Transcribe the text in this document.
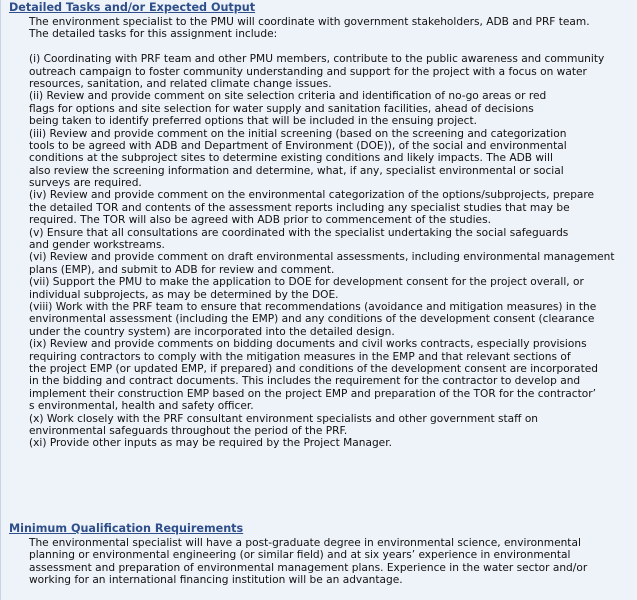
Detailed Tasks and/or Expected Output
The environment specialist to the PMU will coordinate with government stakeholders, ADB and PRF team.
The detailed tasks for this assignment include:
(i) Coordinating with PRF team and other PMU members, contribute to the public awareness and community
outreach campaign to foster community understanding and support for the project with a focus on water
resources, sanitation, and related climate change issues.
(ii) Review and provide comment on site selection criteria and identification of no-go areas or red
flags for options and site selection for water supply and sanitation facilities, ahead of decisions
being taken to identify preferred options that will be included in the ensuing project.
(iii) Review and provide comment on the initial screening (based on the screening and categorization
tools to be agreed with ADB and Department of Environment (DOE)), of the social and environmental
conditions at the subproject sites to determine existing conditions and likely impacts. The ADB will
also review the screening information and determine, what, if any, specialist environmental or social
surveys are required.
(iv) Review and provide comment on the environmental categorization of the options/subprojects, prepare
the detailed TOR and contents of the assessment reports including any specialist studies that may be
required. The TOR will also be agreed with ADB prior to commencement of the studies.
(v) Ensure that all consultations are coordinated with the specialist undertaking the social safeguards
and gender workstreams.
(vi) Review and provide comment on draft environmental assessments, including environmental management
plans (EMP), and submit to ADB for review and comment.
(vii) Support the PMU to make the application to DOE for development consent for the project overall, or
individual subprojects, as may be determined by the DOE.
(viii) Work with the PRF team to ensure that recommendations (avoidance and mitigation measures) in the
environmental assessment (including the EMP) and any conditions of the development consent (clearance
under the country system) are incorporated into the detailed design.
(ix) Review and provide comments on bidding documents and civil works contracts, especially provisions
requiring contractors to comply with the mitigation measures in the EMP and that relevant sections of
the project EMP (or updated EMP, if prepared) and conditions of the development consent are incorporated
in the bidding and contract documents. This includes the requirement for the contractor to develop and
implement their construction EMP based on the project EMP and preparation of the TOR for the contractor’
s environmental, health and safety officer.
(x) Work closely with the PRF consultant environment specialists and other government staff on
environmental safeguards throughout the period of the PRF.
(xi) Provide other inputs as may be required by the Project Manager.
Minimum Qualification Requirements
The environmental specialist will have a post-graduate degree in environmental science, environmental
planning or environmental engineering (or similar field) and at six years’ experience in environmental
assessment and preparation of environmental management plans. Experience in the water sector and/or
working for an international financing institution will be an advantage.
